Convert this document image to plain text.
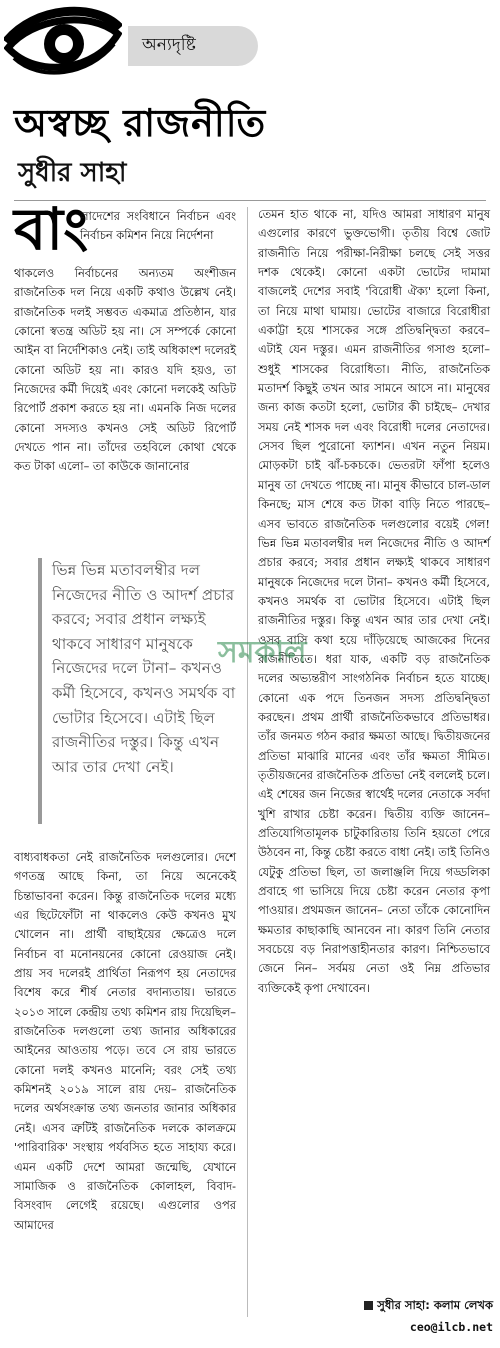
অন্যদৃষ্টি
অস্বচ্ছ রাজনীতি
সুধীর সাহা
বাং

লাদেশের সংবিধানে নির্বাচন এবং নির্বাচন কমিশন নিয়ে নির্দেশনা

থাকলেও নির্বাচনের অন্যতম অংশীজন রাজনৈতিক দল নিয়ে একটি কথাও উল্লেখ নেই। রাজনৈতিক দলই সম্ভবত একমাত্র প্রতিষ্ঠান, যার কোনো স্বতন্ত্র অডিট হয় না। সে সম্পর্কে কোনো আইন বা নির্দেশিকাও নেই। তাই অধিকাংশ দলেরই কোনো অডিট হয় না। কারও যদি হয়ও, তা নিজেদের কর্মী দিয়েই এবং কোনো দলকেই অডিট রিপোর্ট প্রকাশ করতে হয় না। এমনকি নিজ দলের কোনো সদস্যও কখনও সেই অডিট রিপোর্ট দেখতে পান না। তাঁদের তহবিলে কোথা থেকে কত টাকা এলো– তা কাউকে জানানোর

ভিন্ন ভিন্ন মতাবলম্বীর দল নিজেদের নীতি ও আদর্শ প্রচার করবে; সবার প্রধান লক্ষ্যই থাকবে সাধারণ মানুষকে নিজেদের দলে টানা– কখনও কর্মী হিসেবে, কখনও সমর্থক বা ভোটার হিসেবে। এটাই ছিল রাজনীতির দস্তুর। কিন্তু এখন আর তার দেখা নেই।

বাধ্যবাধকতা নেই রাজনৈতিক দলগুলোর। দেশে গণতন্ত্র আছে কিনা, তা নিয়ে অনেকেই চিন্তাভাবনা করেন। কিন্তু রাজনৈতিক দলের মধ্যে এর ছিটেফোঁটা না থাকলেও কেউ কখনও মুখ খোলেন না। প্রার্থী বাছাইয়ের ক্ষেত্রেও দলে নির্বাচন বা মনোনয়নের কোনো রেওয়াজ নেই। প্রায় সব দলেরই প্রার্থিতা নিরূপণ হয় নেতাদের বিশেষ করে শীর্ষ নেতার বদান্যতায়। ভারতে ২০১৩ সালে কেন্দ্রীয় তথ্য কমিশন রায় দিয়েছিল– রাজনৈতিক দলগুলো তথ্য জানার অধিকারের আইনের আওতায় পড়ে। তবে সে রায় ভারতে কোনো দলই কখনও মানেনি; বরং সেই তথ্য কমিশনই ২০১৯ সালে রায় দেয়– রাজনৈতিক দলের অর্থসংক্রান্ত তথ্য জনতার জানার অধিকার নেই। এসব ত্রুটিই রাজনৈতিক দলকে কালক্রমে 'পারিবারিক' সংস্থায় পর্যবসিত হতে সাহায্য করে। এমন একটি দেশে আমরা জন্মেছি, যেখানে সামাজিক ও রাজনৈতিক কোলাহল, বিবাদ-বিসংবাদ লেগেই রয়েছে। এগুলোর ওপর আমাদের

তেমন হাত থাকে না, যদিও আমরা সাধারণ মানুষ এগুলোর কারণে ভুক্তভোগী। তৃতীয় বিশ্বে জোট রাজনীতি নিয়ে পরীক্ষা-নিরীক্ষা চলছে সেই সত্তর দশক থেকেই। কোনো একটা ভোটের দামামা বাজলেই দেশের সবাই 'বিরোধী ঐক্য' হলো কিনা, তা নিয়ে মাথা ঘামায়। ভোটের বাজারে বিরোধীরা একাট্টা হয়ে শাসকের সঙ্গে প্রতিদ্বন্দ্বিতা করবে– এটাই যেন দস্তুর। এমন রাজনীতির গসাগু হলো– শুধুই শাসকের বিরোধিতা। নীতি, রাজনৈতিক মতাদর্শ কিছুই তখন আর সামনে আসে না। মানুষের জন্য কাজ কতটা হলো, ভোটার কী চাইছে– দেখার সময় নেই শাসক দল এবং বিরোধী দলের নেতাদের। সেসব ছিল পুরোনো ফ্যাশন। এখন নতুন নিয়ম। মোড়কটা চাই ঝাঁ-চকচকে। ভেতরটা ফাঁপা হলেও মানুষ তা দেখতে পাচ্ছে না। মানুষ কীভাবে চাল-ডাল কিনছে; মাস শেষে কত টাকা বাড়ি নিতে পারছে– এসব ভাবতে রাজনৈতিক দলগুলোর বয়েই গেল! ভিন্ন ভিন্ন মতাবলম্বীর দল নিজেদের নীতি ও আদর্শ প্রচার করবে; সবার প্রধান লক্ষ্যই থাকবে সাধারণ মানুষকে নিজেদের দলে টানা– কখনও কর্মী হিসেবে, কখনও সমর্থক বা ভোটার হিসেবে। এটাই ছিল রাজনীতির দস্তুর। কিন্তু এখন আর তার দেখা নেই। ওসব বাসি কথা হয়ে দাঁড়িয়েছে আজকের দিনের রাজনীতিতে। ধরা যাক, একটি বড় রাজনৈতিক দলের অভ্যন্তরীণ সাংগঠনিক নির্বাচন হতে যাচ্ছে। কোনো এক পদে তিনজন সদস্য প্রতিদ্বন্দ্বিতা করছেন। প্রথম প্রার্থী রাজনৈতিকভাবে প্রতিভাধর। তাঁর জনমত গঠন করার ক্ষমতা আছে। দ্বিতীয়জনের প্রতিভা মাঝারি মানের এবং তাঁর ক্ষমতা সীমিত। তৃতীয়জনের রাজনৈতিক প্রতিভা নেই বললেই চলে। এই শেষের জন নিজের স্বার্থেই দলের নেতাকে সর্বদা খুশি রাখার চেষ্টা করেন। দ্বিতীয় ব্যক্তি জানেন– প্রতিযোগিতামূলক চাটুকারিতায় তিনি হয়তো পেরে উঠবেন না, কিন্তু চেষ্টা করতে বাধা নেই। তাই তিনিও যেটুকু প্রতিভা ছিল, তা জলাঞ্জলি দিয়ে গড্ডলিকা প্রবাহে গা ভাসিয়ে দিয়ে চেষ্টা করেন নেতার কৃপা পাওয়ার। প্রথমজন জানেন– নেতা তাঁকে কোনোদিন ক্ষমতার কাছাকাছি আনবেন না। কারণ তিনি নেতার সবচেয়ে বড় নিরাপত্তাহীনতার কারণ। নিশ্চিতভাবে জেনে নিন– সর্বময় নেতা ওই নিম্ন প্রতিভার ব্যক্তিকেই কৃপা দেখাবেন।

সমকাল
সুধীর সাহা: কলাম লেখক
ceo@ilcb.net
